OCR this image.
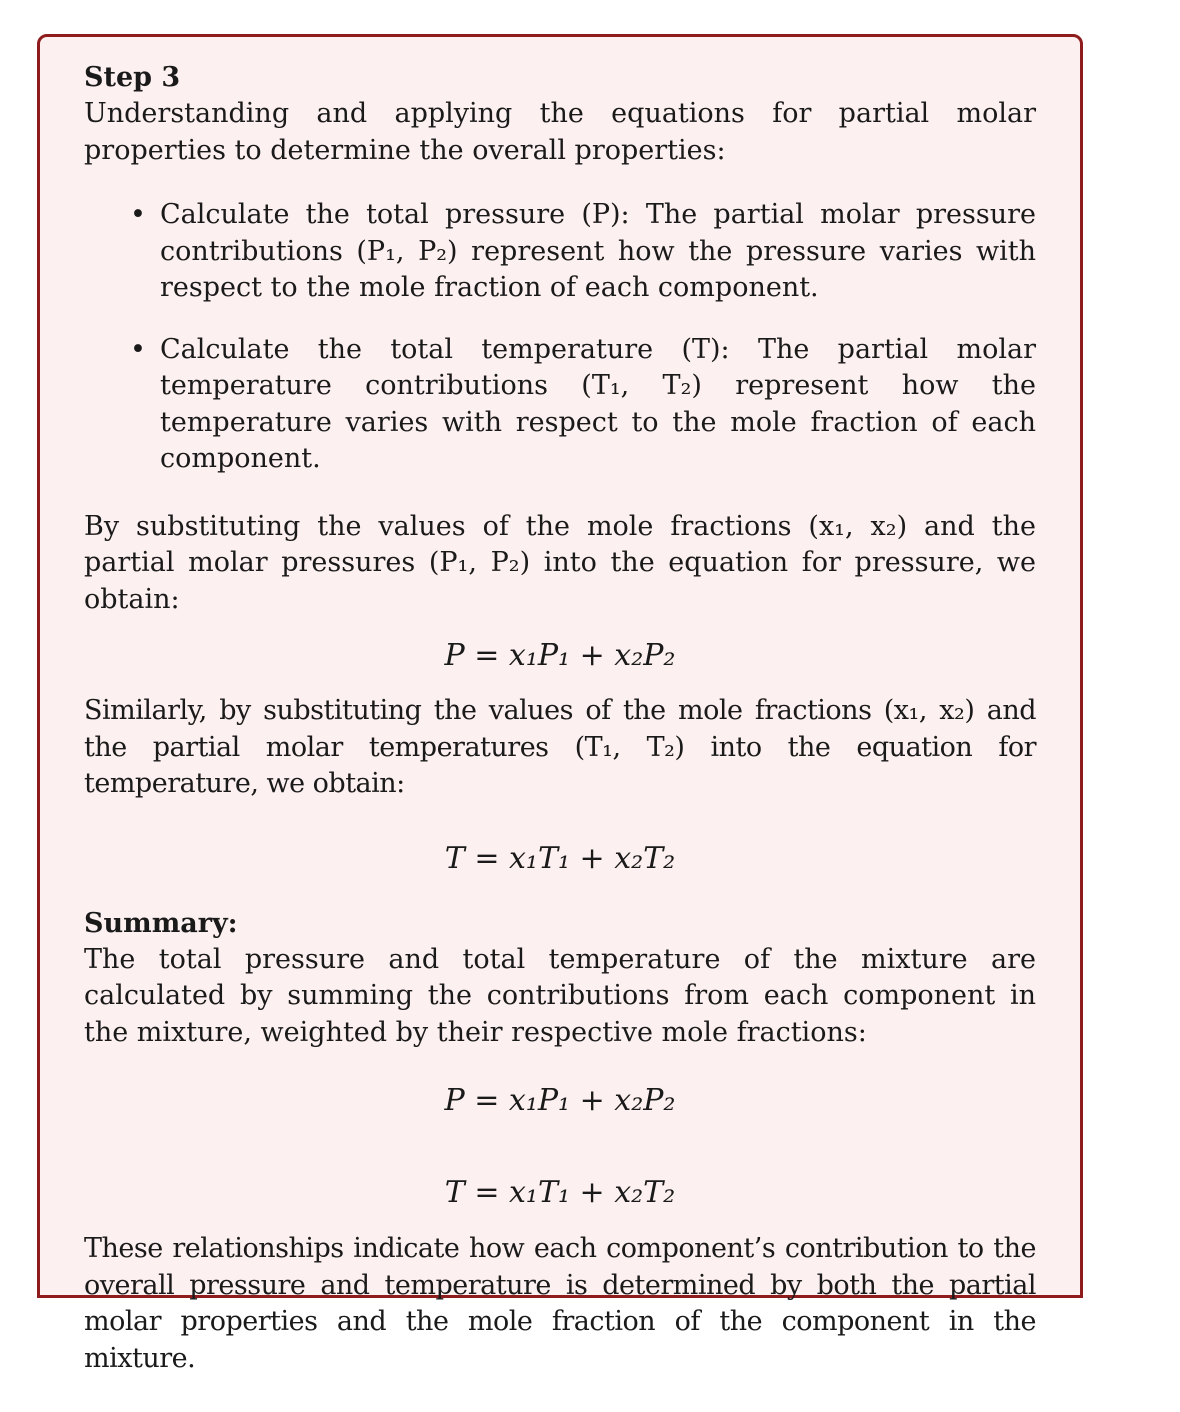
Step 3

Understanding and applying the equations for partial molar properties to determine the overall properties:

• Calculate the total pressure (P): The partial molar pressure contributions (P₁, P₂) represent how the pressure varies with respect to the mole fraction of each component.
• Calculate the total temperature (T): The partial molar temperature contributions (T₁, T₂) represent how the temperature varies with respect to the mole fraction of each component.

By substituting the values of the mole fractions (x₁, x₂) and the partial molar pressures (P₁, P₂) into the equation for pressure, we obtain:

P = x₁P₁ + x₂P₂

Similarly, by substituting the values of the mole fractions (x₁, x₂) and the partial molar temperatures (T₁, T₂) into the equation for temperature, we obtain:

T = x₁T₁ + x₂T₂
Summary:

The total pressure and total temperature of the mixture are calculated by summing the contributions from each component in the mixture, weighted by their respective mole fractions:

P = x₁P₁ + x₂P₂
T = x₁T₁ + x₂T₂

These relationships indicate how each component’s contribution to the overall pressure and temperature is determined by both the partial molar properties and the mole fraction of the component in the mixture.
